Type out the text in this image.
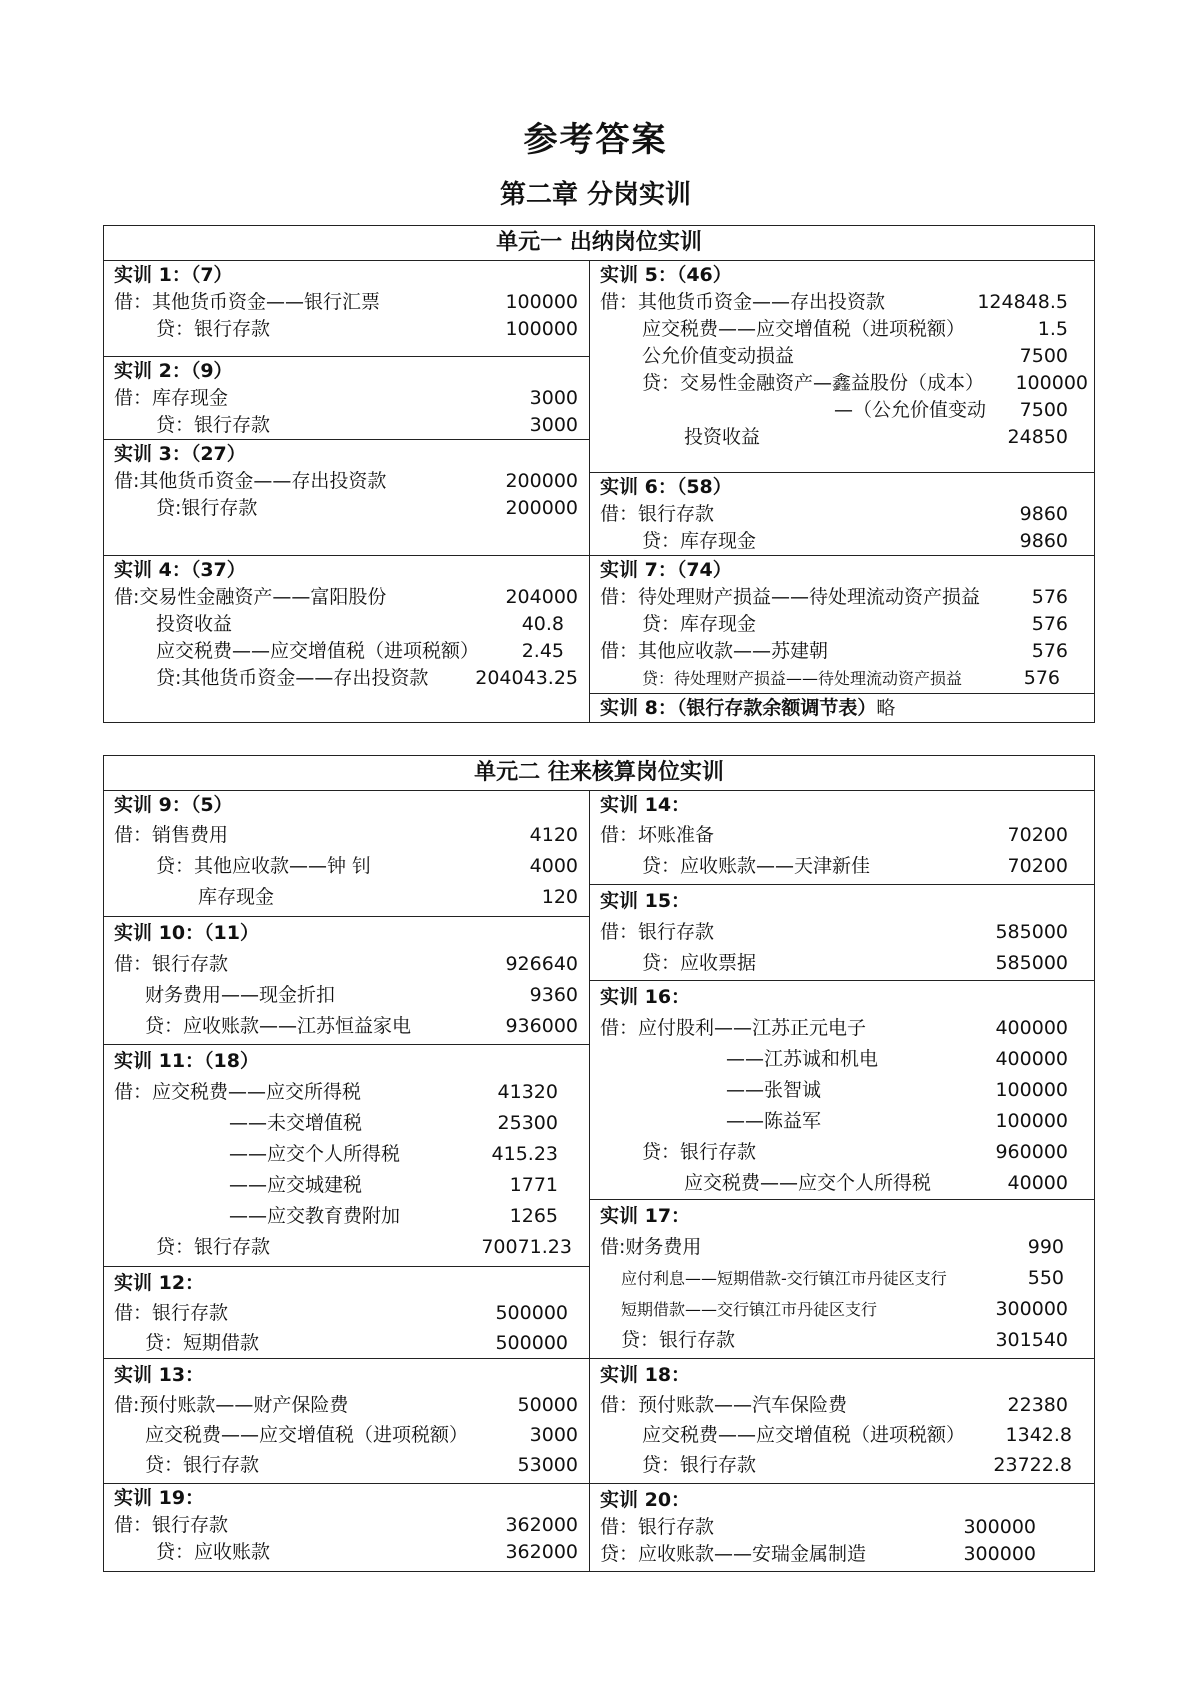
参考答案
第二章 分岗实训
单元一 出纳岗位实训
实训 1：（7）
借：其他货币资金——银行汇票	100000
贷：银行存款	100000
实训 2：（9）
借：库存现金	3000
贷：银行存款	3000
实训 3：（27）
借:其他货币资金——存出投资款	200000
贷:银行存款	200000
实训 4：（37）
借:交易性金融资产——富阳股份	204000
投资收益	40.8
应交税费——应交增值税（进项税额） 2.45
贷:其他货币资金——存出投资款 204043.25
实训 5：（46）
借：其他货币资金——存出投资款	124848.5
应交税费——应交增值税（进项税额）	1.5
公允价值变动损益	7500
贷：交易性金融资产—鑫益股份（成本） 100000
—（公允价值变动 7500
投资收益	24850
实训 6：（58）
借：银行存款	9860
贷：库存现金	9860
实训 7：（74）
借：待处理财产损益——待处理流动资产损益	576
贷：库存现金	576
借：其他应收款——苏建朝	576
贷：待处理财产损益——待处理流动资产损益	576
实训 8：（银行存款余额调节表）略
单元二 往来核算岗位实训
实训 9：（5）
借：销售费用	4120
贷：其他应收款——钟 钊	4000
库存现金	120
实训 10：（11）
借：银行存款	926640
财务费用——现金折扣	9360
贷：应收账款——江苏恒益家电	936000
实训 11：（18）
借：应交税费——应交所得税	41320
——未交增值税	25300
——应交个人所得税	415.23
——应交城建税	1771
——应交教育费附加	1265
贷：银行存款	70071.23
实训 12：
借：银行存款	500000
贷：短期借款	500000
实训 13：
借:预付账款——财产保险费	50000
应交税费——应交增值税（进项税额）	3000
贷：银行存款	53000
实训 19：
借：银行存款	362000
贷：应收账款	362000
实训 14：
借：坏账准备	70200
贷：应收账款——天津新佳	70200
实训 15：
借：银行存款	585000
贷：应收票据	585000
实训 16：
借：应付股利——江苏正元电子	400000
——江苏诚和机电	400000
——张智诚	100000
——陈益军	100000
贷：银行存款	960000
应交税费——应交个人所得税	40000
实训 17：
借:财务费用	990
应付利息——短期借款-交行镇江市丹徒区支行	550
短期借款——交行镇江市丹徒区支行	300000
贷：银行存款	301540
实训 18：
借：预付账款——汽车保险费	22380
应交税费——应交增值税（进项税额） 1342.8
贷：银行存款	23722.8
实训 20：
借：银行存款	300000
贷：应收账款——安瑞金属制造	300000
